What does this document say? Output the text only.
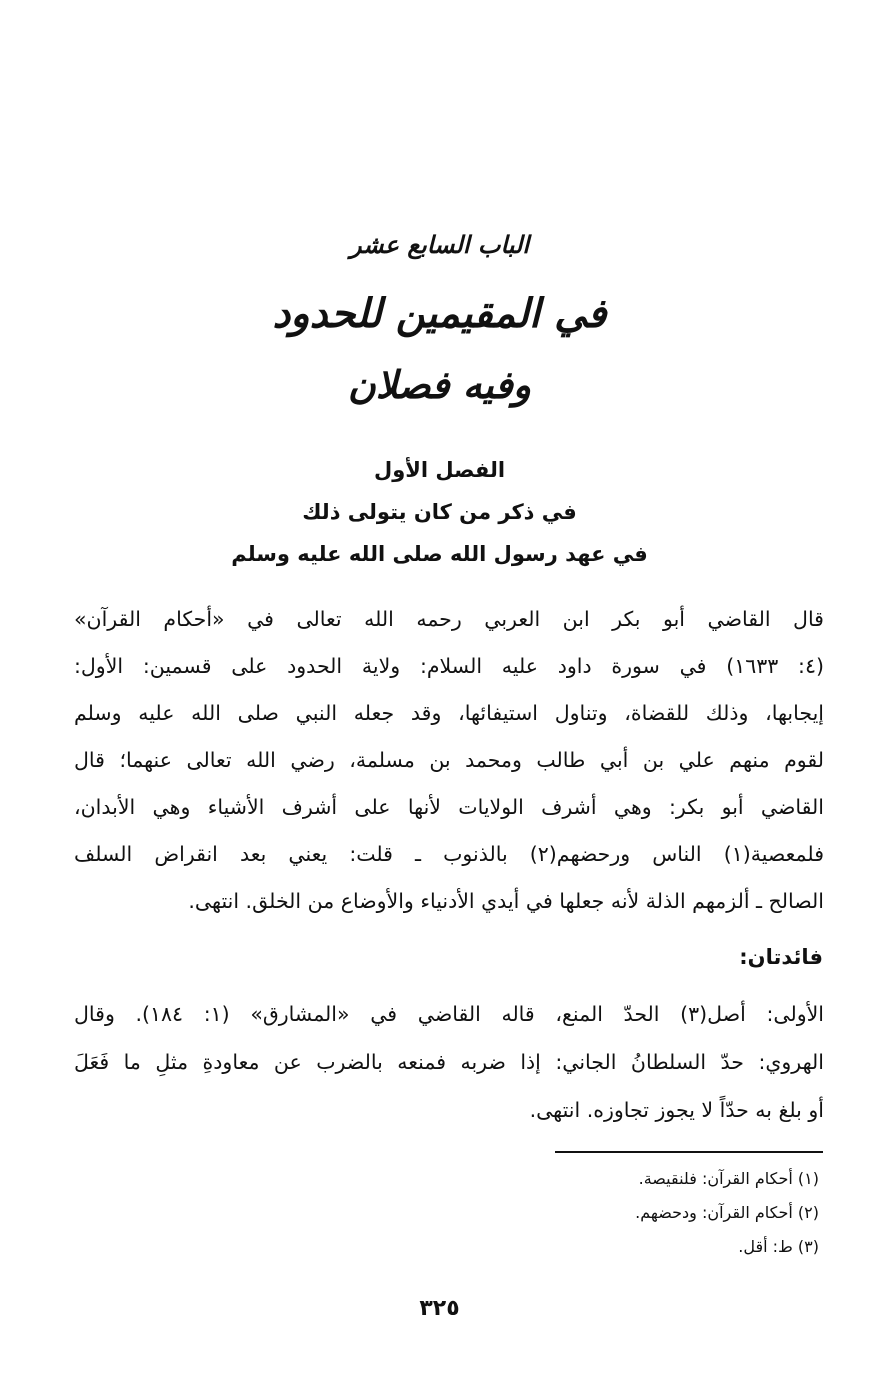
الباب السابع عشر
في المقيمين للحدود
وفيه فصلان
الفصل الأول
في ذكر من كان يتولى ذلك
في عهد رسول الله صلى الله عليه وسلم
قال القاضي أبو بكر ابن العربي رحمه الله تعالى في «أحكام القرآن»
(٤: ١٦٣٣) في سورة داود عليه السلام: ولاية الحدود على قسمين: الأول:
إيجابها، وذلك للقضاة، وتناول استيفائها، وقد جعله النبي صلى الله عليه وسلم
لقوم منهم علي بن أبي طالب ومحمد بن مسلمة، رضي الله تعالى عنهما؛ قال
القاضي أبو بكر: وهي أشرف الولايات لأنها على أشرف الأشياء وهي الأبدان،
فلمعصية(١) الناس ورحضهم(٢) بالذنوب ـ قلت: يعني بعد انقراض السلف
الصالح ـ ألزمهم الذلة لأنه جعلها في أيدي الأدنياء والأوضاع من الخلق. انتهى.
فائدتان:
الأولى: أصل(٣) الحدّ المنع، قاله القاضي في «المشارق» (١: ١٨٤). وقال
الهروي: حدّ السلطانُ الجاني: إذا ضربه فمنعه بالضرب عن معاودةِ مثلِ ما فَعَلَ
أو بلغ به حدّاً لا يجوز تجاوزه. انتهى.
(١) أحكام القرآن: فلنقيصة.
(٢) أحكام القرآن: ودحضهم.
(٣) ط: أقل.
٣٢٥
